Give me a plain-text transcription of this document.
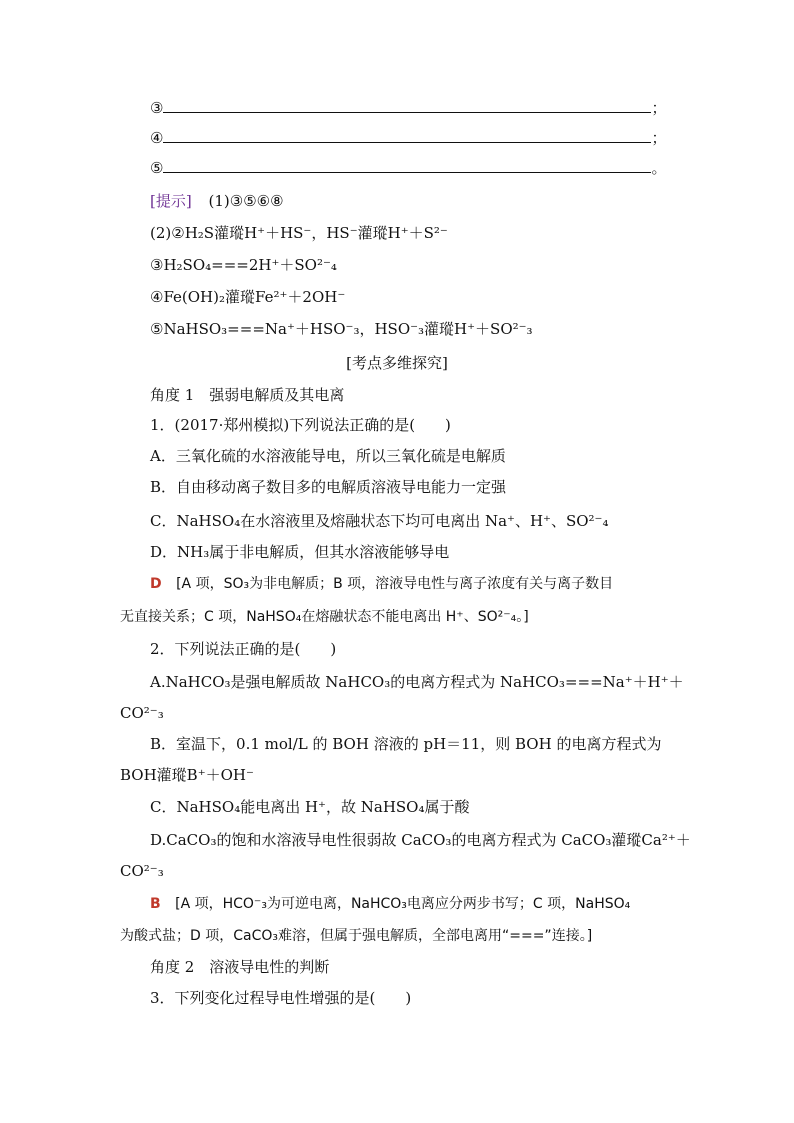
③	；
④	；
⑤	。
[提示] (1)③⑤⑥⑧
(2)②H₂S灌瑽H⁺＋HS⁻，HS⁻灌瑽H⁺＋S²⁻
③H₂SO₄===2H⁺＋SO²⁻₄
④Fe(OH)₂灌瑽Fe²⁺＋2OH⁻
⑤NaHSO₃===Na⁺＋HSO⁻₃，HSO⁻₃灌瑽H⁺＋SO²⁻₃
[考点多维探究]
角度 1　强弱电解质及其电离
1．(2017·郑州模拟)下列说法正确的是(　　)
A．三氧化硫的水溶液能导电，所以三氧化硫是电解质
B．自由移动离子数目多的电解质溶液导电能力一定强
C．NaHSO₄在水溶液里及熔融状态下均可电离出 Na⁺、H⁺、SO²⁻₄
D．NH₃属于非电解质，但其水溶液能够导电
D [A 项，SO₃为非电解质；B 项，溶液导电性与离子浓度有关与离子数目
无直接关系；C 项，NaHSO₄在熔融状态不能电离出 H⁺、SO²⁻₄。]
2．下列说法正确的是(　　)
A.NaHCO₃是强电解质故 NaHCO₃的电离方程式为 NaHCO₃===Na⁺＋H⁺＋
CO²⁻₃
B．室温下，0.1 mol/L 的 BOH 溶液的 pH＝11，则 BOH 的电离方程式为
BOH灌瑽B⁺＋OH⁻
C．NaHSO₄能电离出 H⁺，故 NaHSO₄属于酸
D.CaCO₃的饱和水溶液导电性很弱故 CaCO₃的电离方程式为 CaCO₃灌瑽Ca²⁺＋
CO²⁻₃
B [A 项，HCO⁻₃为可逆电离，NaHCO₃电离应分两步书写；C 项，NaHSO₄
为酸式盐；D 项，CaCO₃难溶，但属于强电解质，全部电离用“===”连接。]
角度 2　溶液导电性的判断
3．下列变化过程导电性增强的是(　　)
